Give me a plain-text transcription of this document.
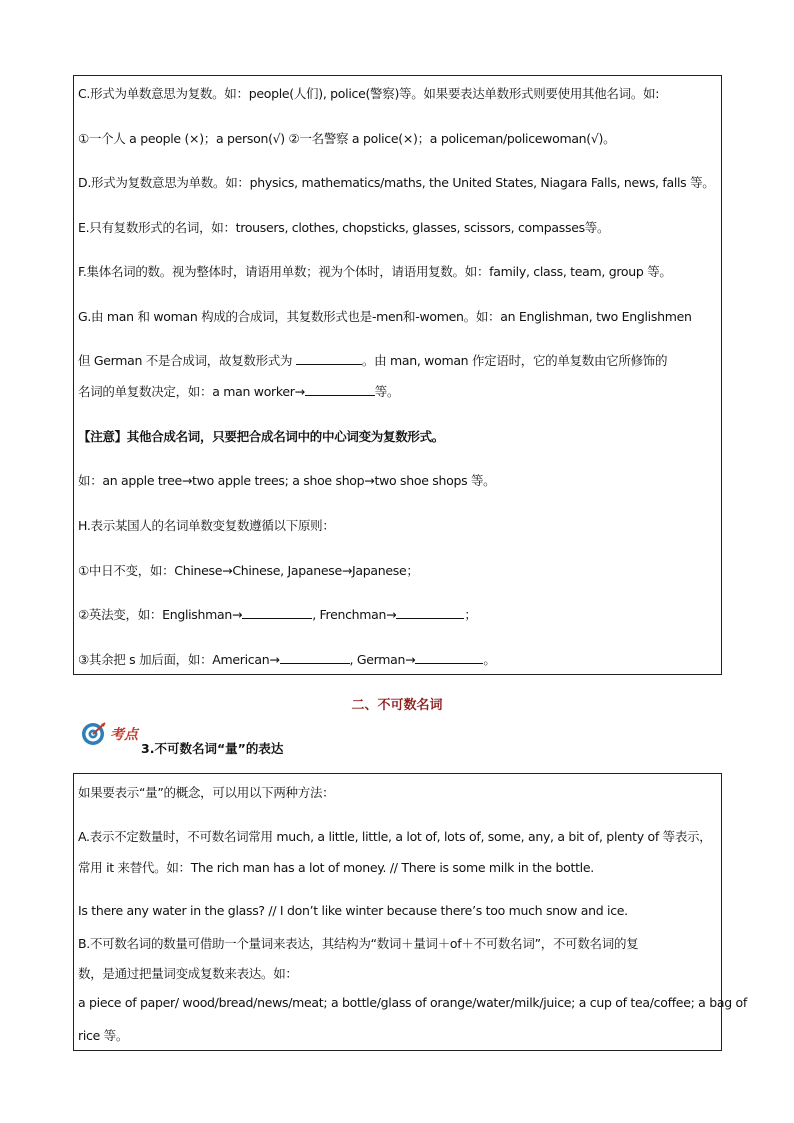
C.形式为单数意思为复数。如：people(人们), police(警察)等。如果要表达单数形式则要使用其他名词。如:
①一个人 a people (×)；a person(√) ②一名警察 a police(×)；a policeman/policewoman(√)。
D.形式为复数意思为单数。如：physics, mathematics/maths, the United States, Niagara Falls, news, falls 等。
E.只有复数形式的名词，如：trousers, clothes, chopsticks, glasses, scissors, compasses等。
F.集体名词的数。视为整体时，请语用单数；视为个体时，请语用复数。如：family, class, team, group 等。
G.由 man 和 woman 构成的合成词，其复数形式也是-men和-women。如：an Englishman, two Englishmen
但 German 不是合成词，故复数形式为	。由 man, woman 作定语时，它的单复数由它所修饰的
名词的单复数决定，如：a man worker→	等。
【注意】其他合成名词，只要把合成名词中的中心词变为复数形式。
如：an apple tree→two apple trees; a shoe shop→two shoe shops 等。
H.表示某国人的名词单数变复数遵循以下原则：
①中日不变，如：Chinese→Chinese, Japanese→Japanese；
②英法变，如：Englishman→	, Frenchman→	；
③其余把 s 加后面，如：American→	, German→	。
二、不可数名词
考点
3.不可数名词“量”的表达
如果要表示“量”的概念，可以用以下两种方法：
A.表示不定数量时，不可数名词常用 much, a little, little, a lot of, lots of, some, any, a bit of, plenty of 等表示，
常用 it 来替代。如：The rich man has a lot of money. // There is some milk in the bottle.
Is there any water in the glass? // I don’t like winter because there’s too much snow and ice.
B.不可数名词的数量可借助一个量词来表达，其结构为“数词＋量词＋of＋不可数名词”，不可数名词的复
数，是通过把量词变成复数来表达。如：
a piece of paper/ wood/bread/news/meat; a bottle/glass of orange/water/milk/juice; a cup of tea/coffee; a bag of
rice 等。
